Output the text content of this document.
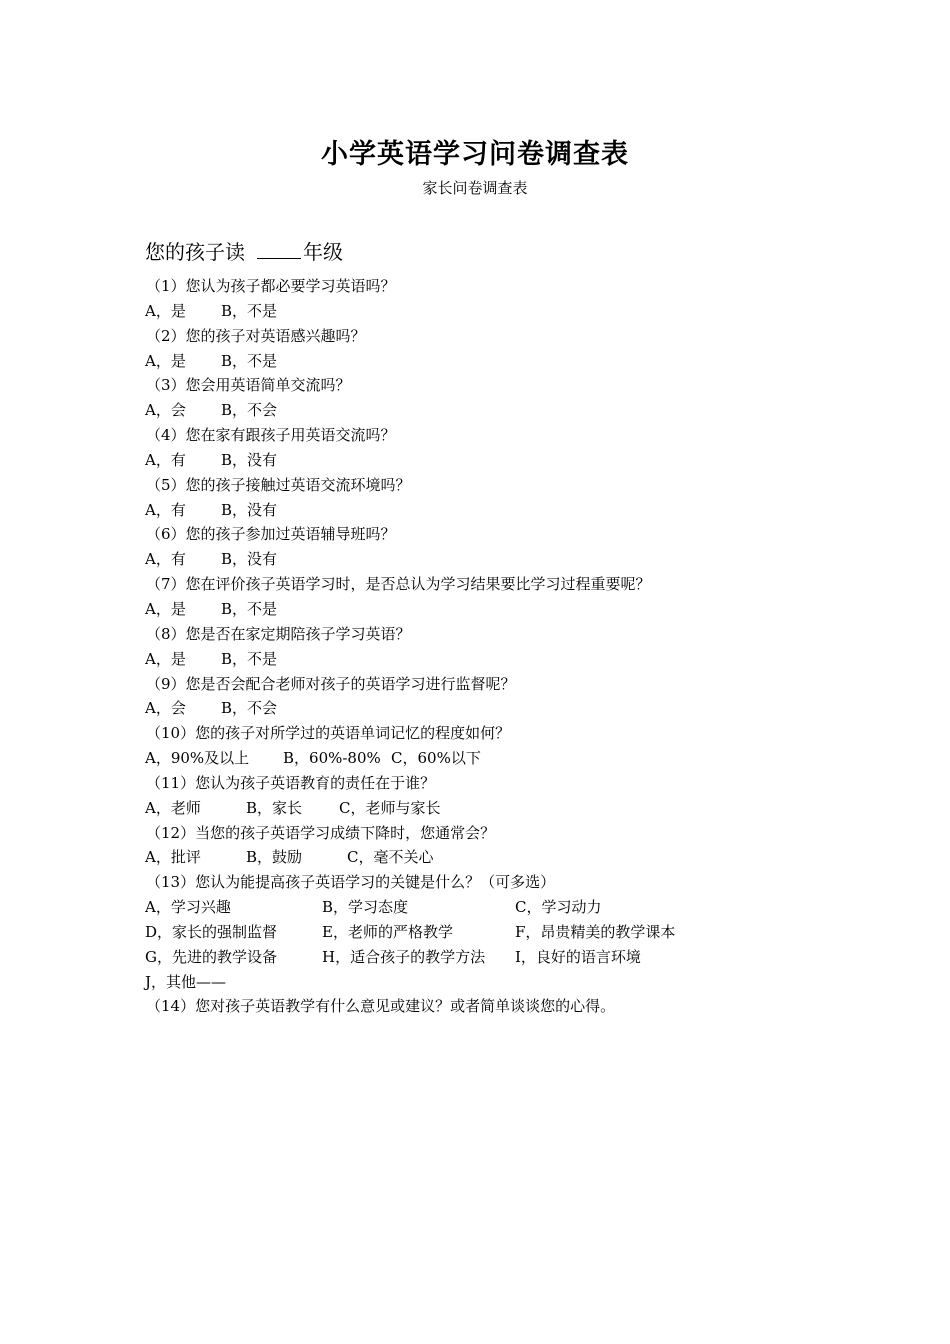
小学英语学习问卷调查表
家长问卷调查表
您的孩子读	年级
（1）您认为孩子都必要学习英语吗？
A，是 B，不是
（2）您的孩子对英语感兴趣吗？
A，是 B，不是
（3）您会用英语简单交流吗？
A，会 B，不会
（4）您在家有跟孩子用英语交流吗？
A，有 B，没有
（5）您的孩子接触过英语交流环境吗？
A，有 B，没有
（6）您的孩子参加过英语辅导班吗？
A，有 B，没有
（7）您在评价孩子英语学习时，是否总认为学习结果要比学习过程重要呢？
A，是 B，不是
（8）您是否在家定期陪孩子学习英语？
A，是 B，不是
（9）您是否会配合老师对孩子的英语学习进行监督呢？
A，会 B，不会
（10）您的孩子对所学过的英语单词记忆的程度如何？
A，90%及以上 B，60%-80% C，60%以下
（11）您认为孩子英语教育的责任在于谁？
A，老师	B，家长 C，老师与家长
（12）当您的孩子英语学习成绩下降时，您通常会？
A，批评	B，鼓励	C，毫不关心
（13）您认为能提高孩子英语学习的关键是什么？（可多选）
A，学习兴趣	B，学习态度	C，学习动力
D，家长的强制监督	E，老师的严格教学	F，昂贵精美的教学课本
G，先进的教学设备	H，适合孩子的教学方法 I，良好的语言环境
J，其他——
（14）您对孩子英语教学有什么意见或建议？或者简单谈谈您的心得。
